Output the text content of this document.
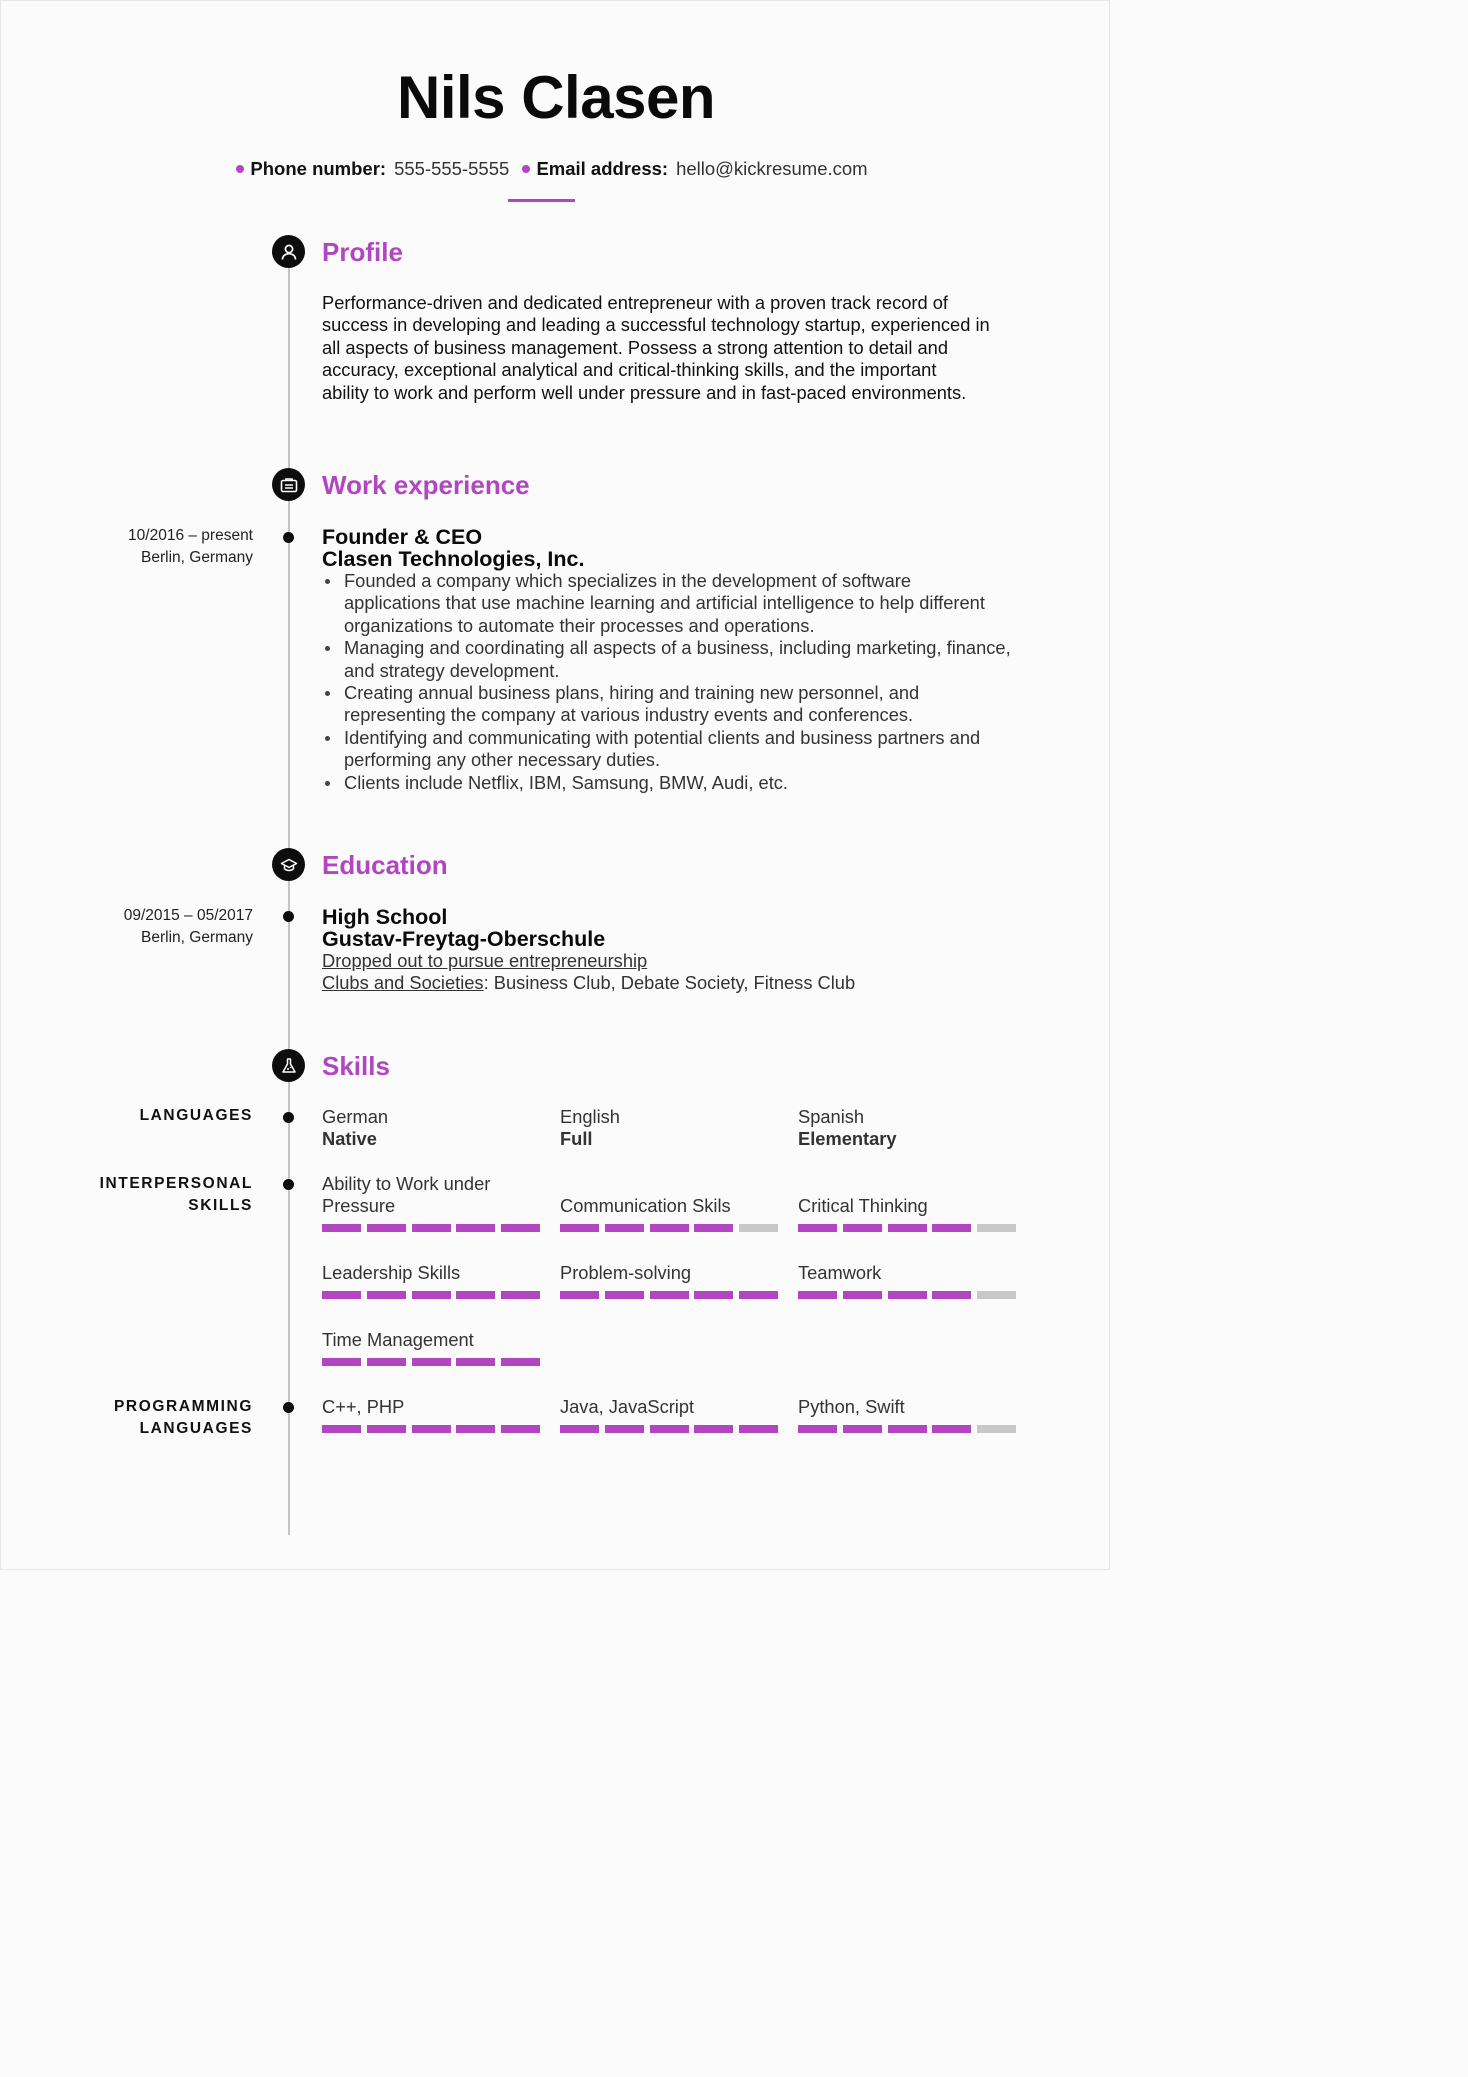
Nils Clasen
Phone number: 555-555-5555 Email address: hello@kickresume.com
Profile
Performance-driven and dedicated entrepreneur with a proven track record of
success in developing and leading a successful technology startup, experienced in
all aspects of business management. Possess a strong attention to detail and
accuracy, exceptional analytical and critical-thinking skills, and the important
ability to work and perform well under pressure and in fast-paced environments.
Work experience
10/2016 – present
Berlin, Germany
Founder & CEO
Clasen Technologies, Inc.
Founded a company which specializes in the development of software applications that use machine learning and artificial intelligence to help different organizations to automate their processes and operations.
Managing and coordinating all aspects of a business, including marketing, finance, and strategy development.
Creating annual business plans, hiring and training new personnel, and representing the company at various industry events and conferences.
Identifying and communicating with potential clients and business partners and performing any other necessary duties.
Clients include Netflix, IBM, Samsung, BMW, Audi, etc.
Education
09/2015 – 05/2017
Berlin, Germany
High School
Gustav-Freytag-Oberschule
Dropped out to pursue entrepreneurship
Clubs and Societies: Business Club, Debate Society, Fitness Club
Skills
LANGUAGES	German
Native
English
Full
Spanish
Elementary
INTERPERSONAL
SKILLS
Ability to Work under Pressure	Communication Skils	Critical Thinking
Leadership Skills	Problem-solving	Teamwork
Time Management
PROGRAMMING
LANGUAGES
C++, PHP	Java, JavaScript	Python, Swift
